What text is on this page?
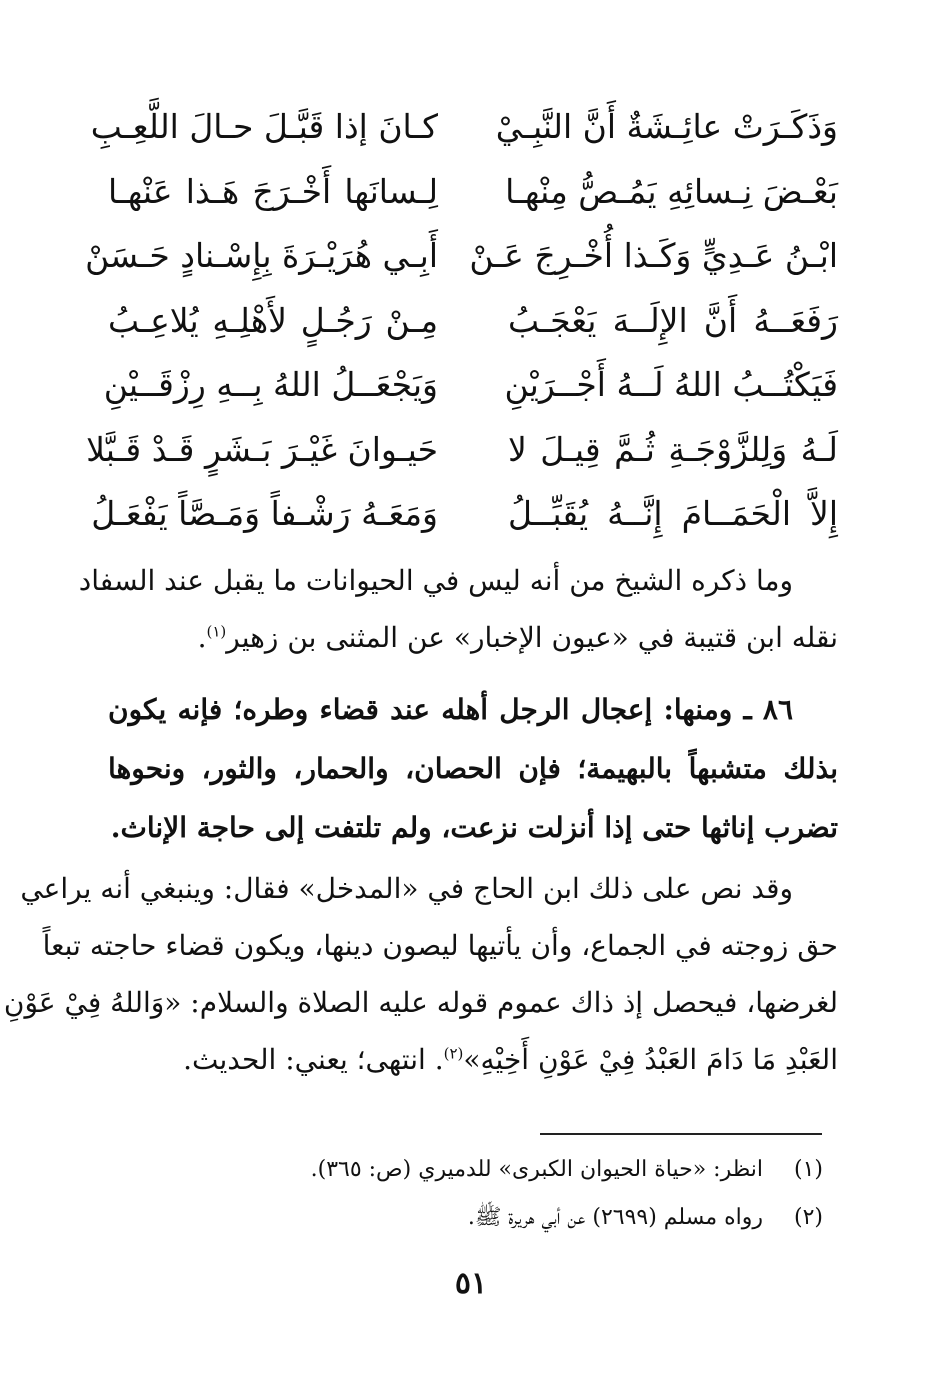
وَذَكَـرَتْ عائِـشَةٌ أَنَّ النَّبِـيْ
كـانَ إذا قَبَّـلَ حـالَ اللَّعِـبِ
بَعْـضَ نِـسائِهِ يَمُـصُّ مِنْهـا
لِـسانَها أَخْـرَجَ هَـذا عَنْهـا
ابْـنُ عَـدِيٍّ وَكَـذا أُخْـرِجَ عَـنْ
أَبِـي هُرَيْـرَةَ بِإِسْـنادٍ حَـسَنْ
رَفَعَــهُ أَنَّ الإِلَــهَ يَعْجَـبُ
مِـنْ رَجُـلٍ لأَهْلِـهِ يُلاعِـبُ
فَيَكْتُــبُ اللهُ لَــهُ أَجْــرَيْنِ
وَيَجْعَــلُ اللهُ بِــهِ رِزْقَــيْنِ
لَـهُ وَلِلزَّوْجَـةِ ثُـمَّ قِيـلَ لا
حَيـوانَ غَيْـرَ بَـشَرٍ قَـدْ قَـبَّلا
إِلاَّ الْحَمَــامَ إِنَّــهُ يُقَبِّــلُ
وَمَعَـهُ رَشْـفاً وَمَـصَّاً يَفْعَـلُ
وما ذكره الشيخ من أنه ليس في الحيوانات ما يقبل عند السفاد
نقله ابن قتيبة في «عيون الإخبار» عن المثنى بن زهير$^{(١)}$.
٨٦ ـ ومنها: إعجال الرجل أهله عند قضاء وطره؛ فإنه يكون
بذلك متشبهاً بالبهيمة؛ فإن الحصان، والحمار، والثور، ونحوها
تضرب إناثها حتى إذا أنزلت نزعت، ولم تلتفت إلى حاجة الإناث.
وقد نص على ذلك ابن الحاج في «المدخل» فقال: وينبغي أنه يراعي
حق زوجته في الجماع، وأن يأتيها ليصون دينها، ويكون قضاء حاجته تبعاً
لغرضها، فيحصل إذ ذاك عموم قوله عليه الصلاة والسلام: «وَاللهُ فِيْ عَوْنِ
العَبْدِ مَا دَامَ العَبْدُ فِيْ عَوْنِ أَخِيْهِ»$^{(٢)}$. انتهى؛ يعني: الحديث.
(١)انظر: «حياة الحيوان الكبرى» للدميري (ص: ٣٦٥).
(٢)رواه مسلم (٢٦٩٩) عن أبي هريرة ﷺ.
٥١
